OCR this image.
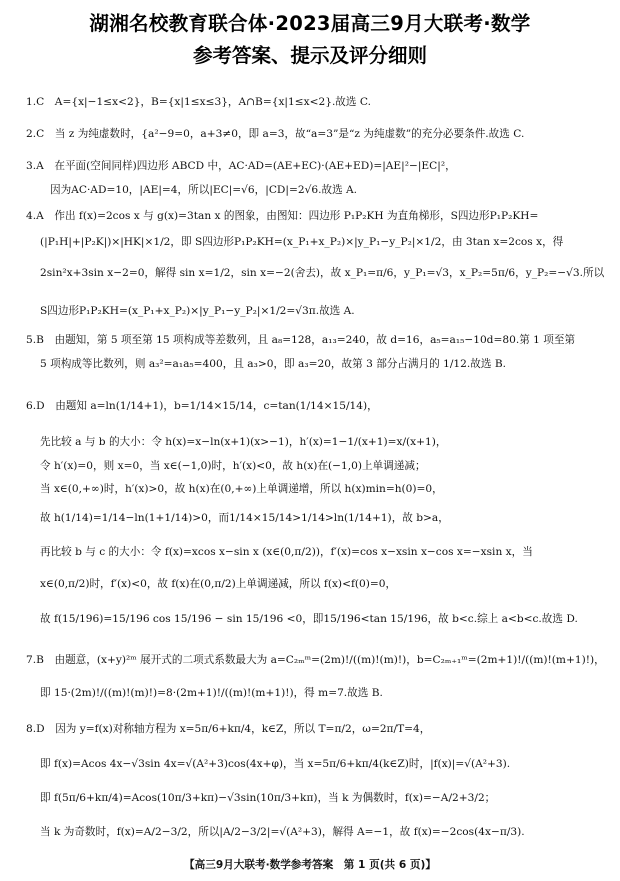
湖湘名校教育联合体·2023届高三9月大联考·数学
参考答案、提示及评分细则
1.C　A={x|−1≤x<2}，B={x|1≤x≤3}，A∩B={x|1≤x<2}.故选 C.
2.C　当 z 为纯虚数时，{a²−9=0，a+3≠0，即 a=3，故“a=3”是“z 为纯虚数”的充分必要条件.故选 C.
3.A　在平面(空间同样)四边形 ABCD 中，AC·AD=(AE+EC)·(AE+ED)=|AE|²−|EC|²，
因为AC·AD=10，|AE|=4，所以|EC|=√6，|CD|=2√6.故选 A.
4.A　作出 f(x)=2cos x 与 g(x)=3tan x 的图象，由图知：四边形 P₁P₂KH 为直角梯形，S四边形P₁P₂KH=
(|P₁H|+|P₂K|)×|HK|×1/2，即 S四边形P₁P₂KH=(x_P₁+x_P₂)×|y_P₁−y_P₂|×1/2，由 3tan x=2cos x，得
2sin²x+3sin x−2=0，解得 sin x=1/2，sin x=−2(舍去)，故 x_P₁=π/6，y_P₁=√3，x_P₂=5π/6，y_P₂=−√3.所以
S四边形P₁P₂KH=(x_P₁+x_P₂)×|y_P₁−y_P₂|×1/2=√3π.故选 A.
5.B　由题知，第 5 项至第 15 项构成等差数列，且 a₈=128，a₁₃=240，故 d=16，a₅=a₁₅−10d=80.第 1 项至第
5 项构成等比数列，则 a₃²=a₁a₅=400，且 a₃>0，即 a₃=20，故第 3 部分占满月的 1/12.故选 B.
6.D　由题知 a=ln(1/14+1)，b=1/14×15/14，c=tan(1/14×15/14)，
先比较 a 与 b 的大小：令 h(x)=x−ln(x+1)(x>−1)，h′(x)=1−1/(x+1)=x/(x+1)，
令 h′(x)=0，则 x=0，当 x∈(−1,0)时，h′(x)<0，故 h(x)在(−1,0)上单调递减；
当 x∈(0,+∞)时，h′(x)>0，故 h(x)在(0,+∞)上单调递增，所以 h(x)min=h(0)=0，
故 h(1/14)=1/14−ln(1+1/14)>0，而1/14×15/14>1/14>ln(1/14+1)，故 b>a，
再比较 b 与 c 的大小：令 f(x)=xcos x−sin x (x∈(0,π/2))，f′(x)=cos x−xsin x−cos x=−xsin x，当
x∈(0,π/2)时，f′(x)<0，故 f(x)在(0,π/2)上单调递减，所以 f(x)<f(0)=0，
故 f(15/196)=15/196 cos 15/196 − sin 15/196 <0，即15/196<tan 15/196，故 b<c.综上 a<b<c.故选 D.
7.B　由题意，(x+y)²ᵐ 展开式的二项式系数最大为 a=C₂ₘᵐ=(2m)!/((m)!(m)!)，b=C₂ₘ₊₁ᵐ=(2m+1)!/((m)!(m+1)!)，
即 15·(2m)!/((m)!(m)!)=8·(2m+1)!/((m)!(m+1)!)，得 m=7.故选 B.
8.D　因为 y=f(x)对称轴方程为 x=5π/6+kπ/4，k∈Z，所以 T=π/2，ω=2π/T=4，
即 f(x)=Acos 4x−√3sin 4x=√(A²+3)cos(4x+φ)，当 x=5π/6+kπ/4(k∈Z)时，|f(x)|=√(A²+3).
即 f(5π/6+kπ/4)=Acos(10π/3+kπ)−√3sin(10π/3+kπ)，当 k 为偶数时，f(x)=−A/2+3/2；
当 k 为奇数时，f(x)=A/2−3/2，所以|A/2−3/2|=√(A²+3)，解得 A=−1，故 f(x)=−2cos(4x−π/3).
【高三9月大联考·数学参考答案　第 1 页(共 6 页)】
